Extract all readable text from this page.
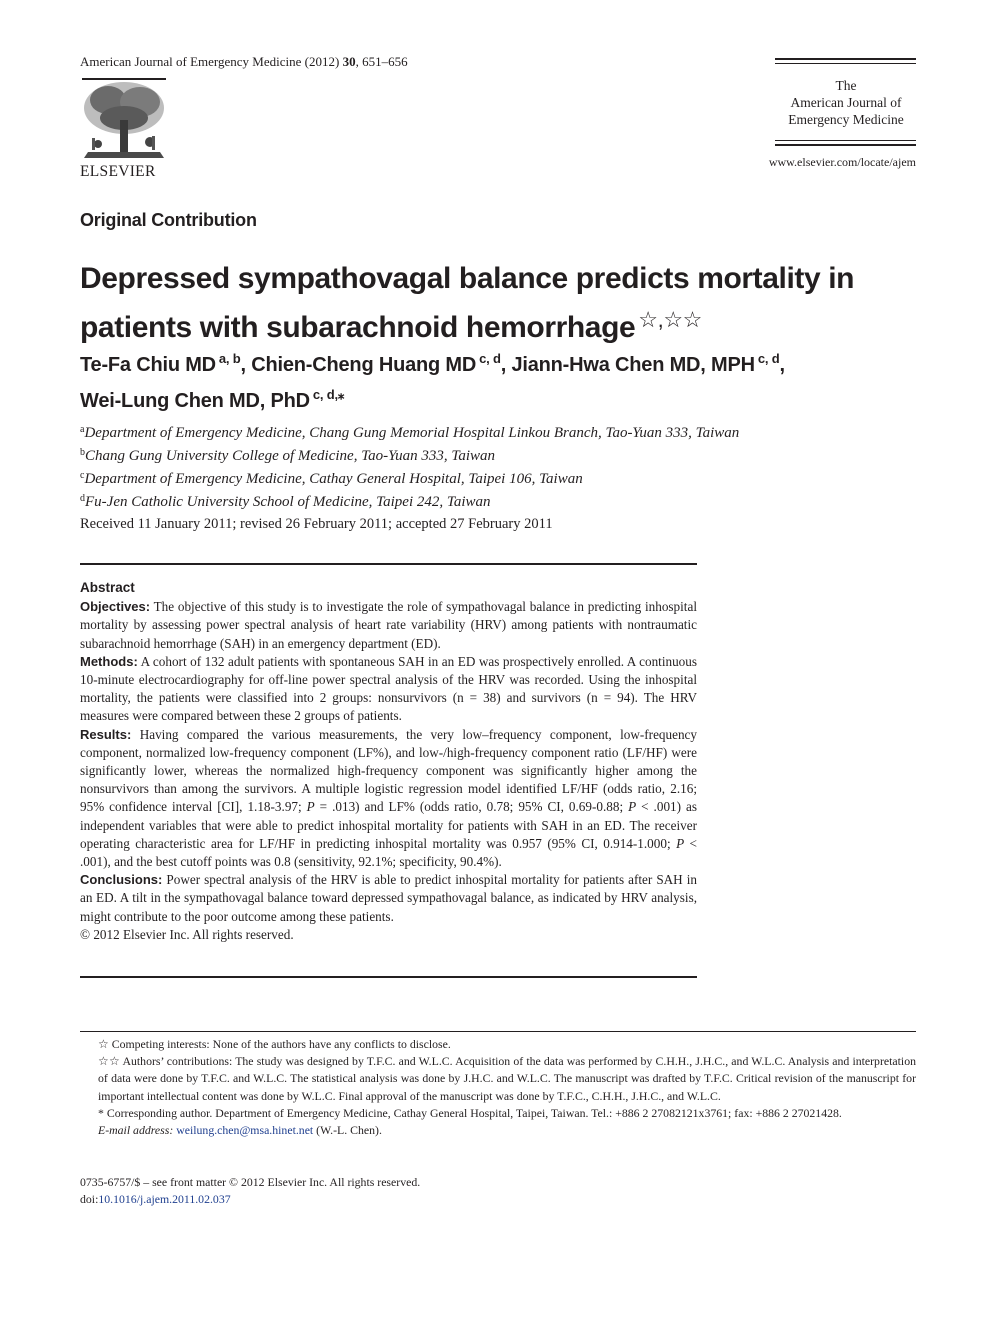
American Journal of Emergency Medicine (2012) 30, 651–656
ELSEVIER
The
American Journal of
Emergency Medicine
www.elsevier.com/locate/ajem
Original Contribution
Depressed sympathovagal balance predicts mortality in
patients with subarachnoid hemorrhage ☆,☆☆
Te-Fa Chiu MD $^{a, b}$, Chien-Cheng Huang MD $^{c, d}$, Jiann-Hwa Chen MD, MPH $^{c, d}$,
Wei-Lung Chen MD, PhD $^{c, d,⁎}$
$^a$Department of Emergency Medicine, Chang Gung Memorial Hospital Linkou Branch, Tao-Yuan 333, Taiwan
$^b$Chang Gung University College of Medicine, Tao-Yuan 333, Taiwan
$^c$Department of Emergency Medicine, Cathay General Hospital, Taipei 106, Taiwan
$^d$Fu-Jen Catholic University School of Medicine, Taipei 242, Taiwan
Received 11 January 2011; revised 26 February 2011; accepted 27 February 2011
Abstract

Objectives: The objective of this study is to investigate the role of sympathovagal balance in predicting inhospital mortality by assessing power spectral analysis of heart rate variability (HRV) among patients with nontraumatic subarachnoid hemorrhage (SAH) in an emergency department (ED).

Methods: A cohort of 132 adult patients with spontaneous SAH in an ED was prospectively enrolled. A continuous 10-minute electrocardiography for off-line power spectral analysis of the HRV was recorded. Using the inhospital mortality, the patients were classified into 2 groups: nonsurvivors (n = 38) and survivors (n = 94). The HRV measures were compared between these 2 groups of patients.

Results: Having compared the various measurements, the very low–frequency component, low-frequency component, normalized low-frequency component (LF%), and low-/high-frequency component ratio (LF/HF) were significantly lower, whereas the normalized high-frequency component was significantly higher among the nonsurvivors than among the survivors. A multiple logistic regression model identified LF/HF (odds ratio, 2.16; 95% confidence interval [CI], 1.18-3.97; P = .013) and LF% (odds ratio, 0.78; 95% CI, 0.69-0.88; P < .001) as independent variables that were able to predict inhospital mortality for patients with SAH in an ED. The receiver operating characteristic area for LF/HF in predicting inhospital mortality was 0.957 (95% CI, 0.914-1.000; P < .001), and the best cutoff points was 0.8 (sensitivity, 92.1%; specificity, 90.4%).

Conclusions: Power spectral analysis of the HRV is able to predict inhospital mortality for patients after SAH in an ED. A tilt in the sympathovagal balance toward depressed sympathovagal balance, as indicated by HRV analysis, might contribute to the poor outcome among these patients.

© 2012 Elsevier Inc. All rights reserved.

☆ Competing interests: None of the authors have any conflicts to disclose.

☆☆ Authors’ contributions: The study was designed by T.F.C. and W.L.C. Acquisition of the data was performed by C.H.H., J.H.C., and W.L.C. Analysis and interpretation of data were done by T.F.C. and W.L.C. The statistical analysis was done by J.H.C. and W.L.C. The manuscript was drafted by T.F.C. Critical revision of the manuscript for important intellectual content was done by W.L.C. Final approval of the manuscript was done by T.F.C., C.H.H., J.H.C., and W.L.C.

* Corresponding author. Department of Emergency Medicine, Cathay General Hospital, Taipei, Taiwan. Tel.: +886 2 27082121x3761; fax: +886 2 27021428.

E-mail address: weilung.chen@msa.hinet.net (W.-L. Chen).

0735-6757/$ – see front matter © 2012 Elsevier Inc. All rights reserved.
doi:10.1016/j.ajem.2011.02.037
